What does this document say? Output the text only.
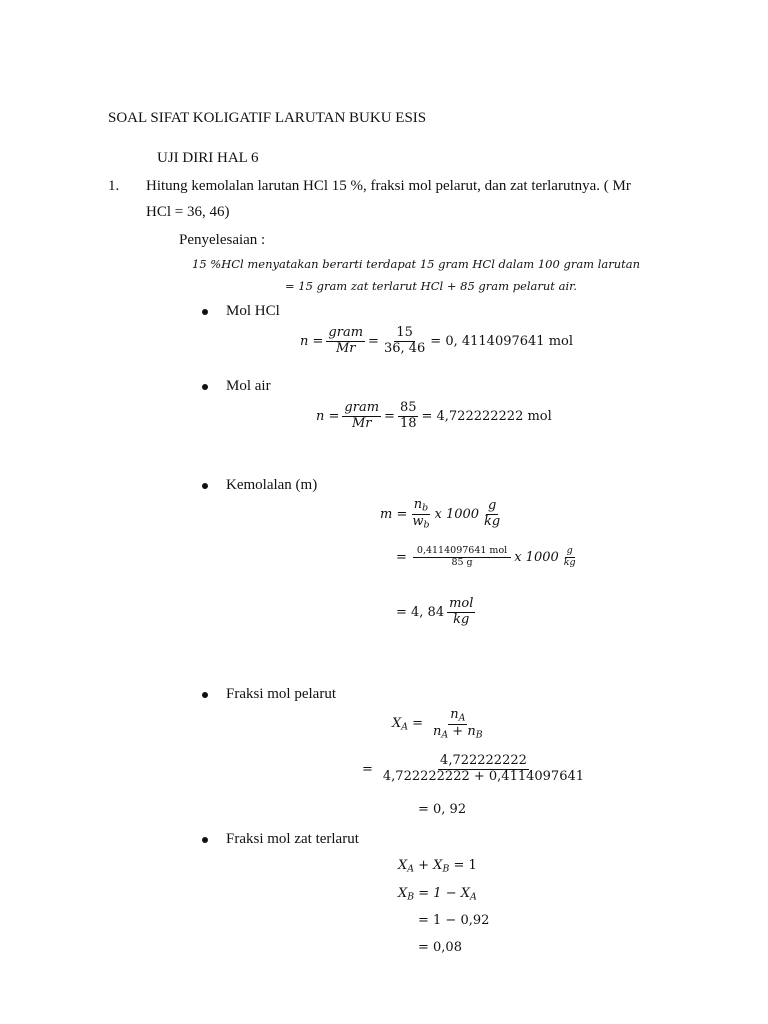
SOAL SIFAT KOLIGATIF LARUTAN BUKU ESIS
UJI DIRI HAL 6
1. Hitung kemolalan larutan HCl 15 %, fraksi mol pelarut, dan zat terlarutnya. ( Mr
HCl = 36, 46)
Penyelesaian :
15 %HCl menyatakan berarti terdapat 15 gram HCl dalam 100 gram larutan
= 15 gram zat terlarut HCl + 85 gram pelarut air.
Mol HCl
$n = \frac{\text{gram}}{Mr} = \frac{15}{36, 46} = 0$, 4114097641 mol
Mol air
$n = \frac{\text{gram}}{Mr} = \frac{85}{18} = 4,722222222$ mol
Kemolalan (m)
$m = \frac{n_b}{w_b}$ x $1000 \frac{g}{kg}$
= $\frac{\text{0,4114097641 mol}}{85 g}$ x $1000 \frac{g}{kg}$
= 4, $84 \frac{\text{mol}}{kg}$
Fraksi mol pelarut
$X_A = \frac{n_A}{n_A + n_B}$
= $\frac{4,722222222}{4,722222222 + 0,4114097641}$
= 0, 92
Fraksi mol zat terlarut
$X_A + X_B = 1$
$X_B = 1 - X_A$
= 1 − 0,92
= 0,08
